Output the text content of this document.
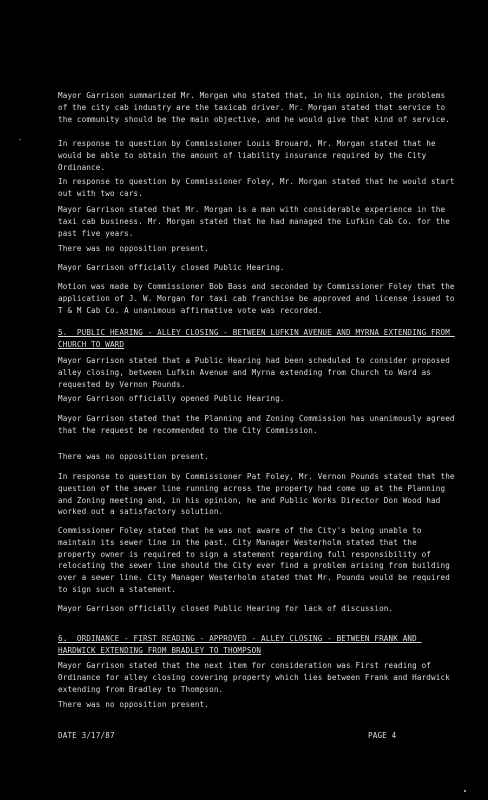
-
Mayor Garrison summarized Mr. Morgan who stated that, in his opinion, the problems of the city cab industry are the taxicab driver. Mr. Morgan stated that service to the community should be the main objective, and he would give that kind of service.
In response to question by Commissioner Louis Brouard, Mr. Morgan stated that he would be able to obtain the amount of liability insurance required by the City Ordinance.
In response to question by Commissioner Foley, Mr. Morgan stated that he would start out with two cars.
Mayor Garrison stated that Mr. Morgan is a man with considerable experience in the taxi cab business. Mr. Morgan stated that he had managed the Lufkin Cab Co. for the past five years.
There was no opposition present.
Mayor Garrison officially closed Public Hearing.
Motion was made by Commissioner Bob Bass and seconded by Commissioner Foley that the application of J. W. Morgan for taxi cab franchise be approved and license issued to T & M Cab Co. A unanimous affirmative vote was recorded.
5.  PUBLIC HEARING - ALLEY CLOSING - BETWEEN LUFKIN AVENUE AND MYRNA EXTENDING FROM CHURCH TO WARD
Mayor Garrison stated that a Public Hearing had been scheduled to consider proposed alley closing, between Lufkin Avenue and Myrna extending from Church to Ward as requested by Vernon Pounds.
Mayor Garrison officially opened Public Hearing.
Mayor Garrison stated that the Planning and Zoning Commission has unanimously agreed that the request be recommended to the City Commission.
There was no opposition present.
In response to question by Commissioner Pat Foley, Mr. Vernon Pounds stated that the question of the sewer line running across the property had come up at the Planning and Zoning meeting and, in his opinion, he and Public Works Director Don Wood had worked out a satisfactory solution.
Commissioner Foley stated that he was not aware of the City's being unable to maintain its sewer line in the past. City Manager Westerholm stated that the property owner is required to sign a statement regarding full responsibility of relocating the sewer line should the City ever find a problem arising from building over a sewer line. City Manager Westerholm stated that Mr. Pounds would be required to sign such a statement.
Mayor Garrison officially closed Public Hearing for lack of discussion.
6.  ORDINANCE - FIRST READING - APPROVED - ALLEY CLOSING - BETWEEN FRANK AND HARDWICK EXTENDING FROM BRADLEY TO THOMPSON
Mayor Garrison stated that the next item for consideration was First reading of Ordinance for alley closing covering property which lies between Frank and Hardwick extending from Bradley to Thompson.
There was no opposition present.
DATE 3/17/87	PAGE 4
